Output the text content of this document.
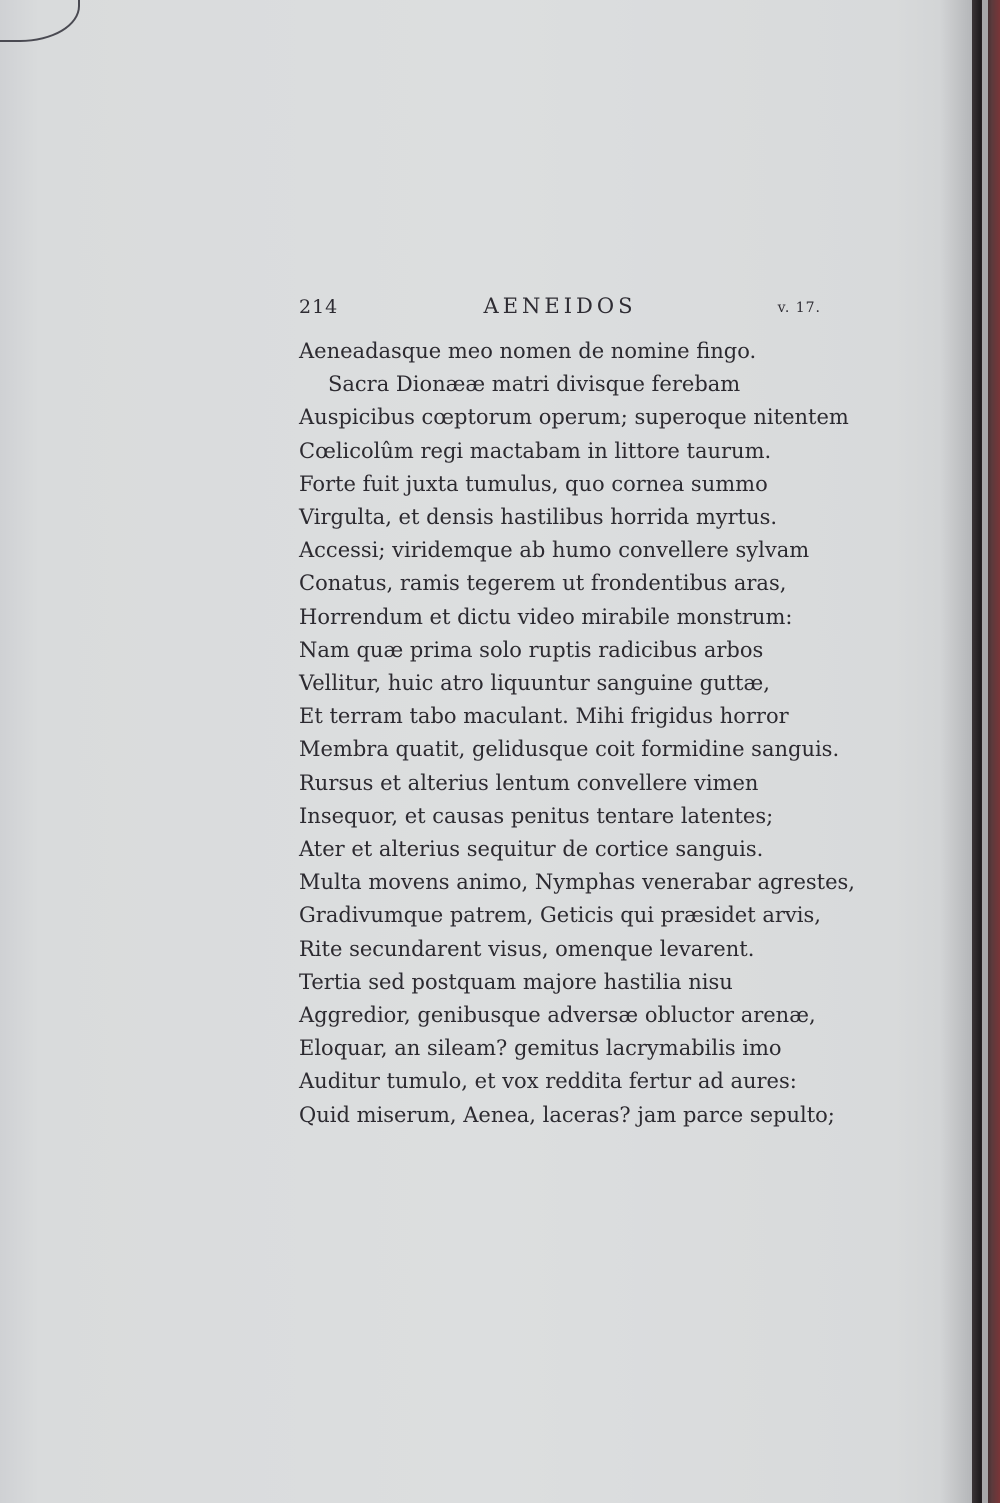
214	AENEIDOS	v. 17.
Aeneadasque meo nomen de nomine fingo.
Sacra Dionææ matri divisque ferebam
Auspicibus cœptorum operum; superoque nitentem
Cœlicolûm regi mactabam in littore taurum.
Forte fuit juxta tumulus, quo cornea summo
Virgulta, et densis hastilibus horrida myrtus.
Accessi; viridemque ab humo convellere sylvam
Conatus, ramis tegerem ut frondentibus aras,
Horrendum et dictu video mirabile monstrum:
Nam quæ prima solo ruptis radicibus arbos
Vellitur, huic atro liquuntur sanguine guttæ,
Et terram tabo maculant. Mihi frigidus horror
Membra quatit, gelidusque coit formidine sanguis.
Rursus et alterius lentum convellere vimen
Insequor, et causas penitus tentare latentes;
Ater et alterius sequitur de cortice sanguis.
Multa movens animo, Nymphas venerabar agrestes,
Gradivumque patrem, Geticis qui præsidet arvis,
Rite secundarent visus, omenque levarent.
Tertia sed postquam majore hastilia nisu
Aggredior, genibusque adversæ obluctor arenæ,
Eloquar, an sileam? gemitus lacrymabilis imo
Auditur tumulo, et vox reddita fertur ad aures:
Quid miserum, Aenea, laceras? jam parce sepulto;
